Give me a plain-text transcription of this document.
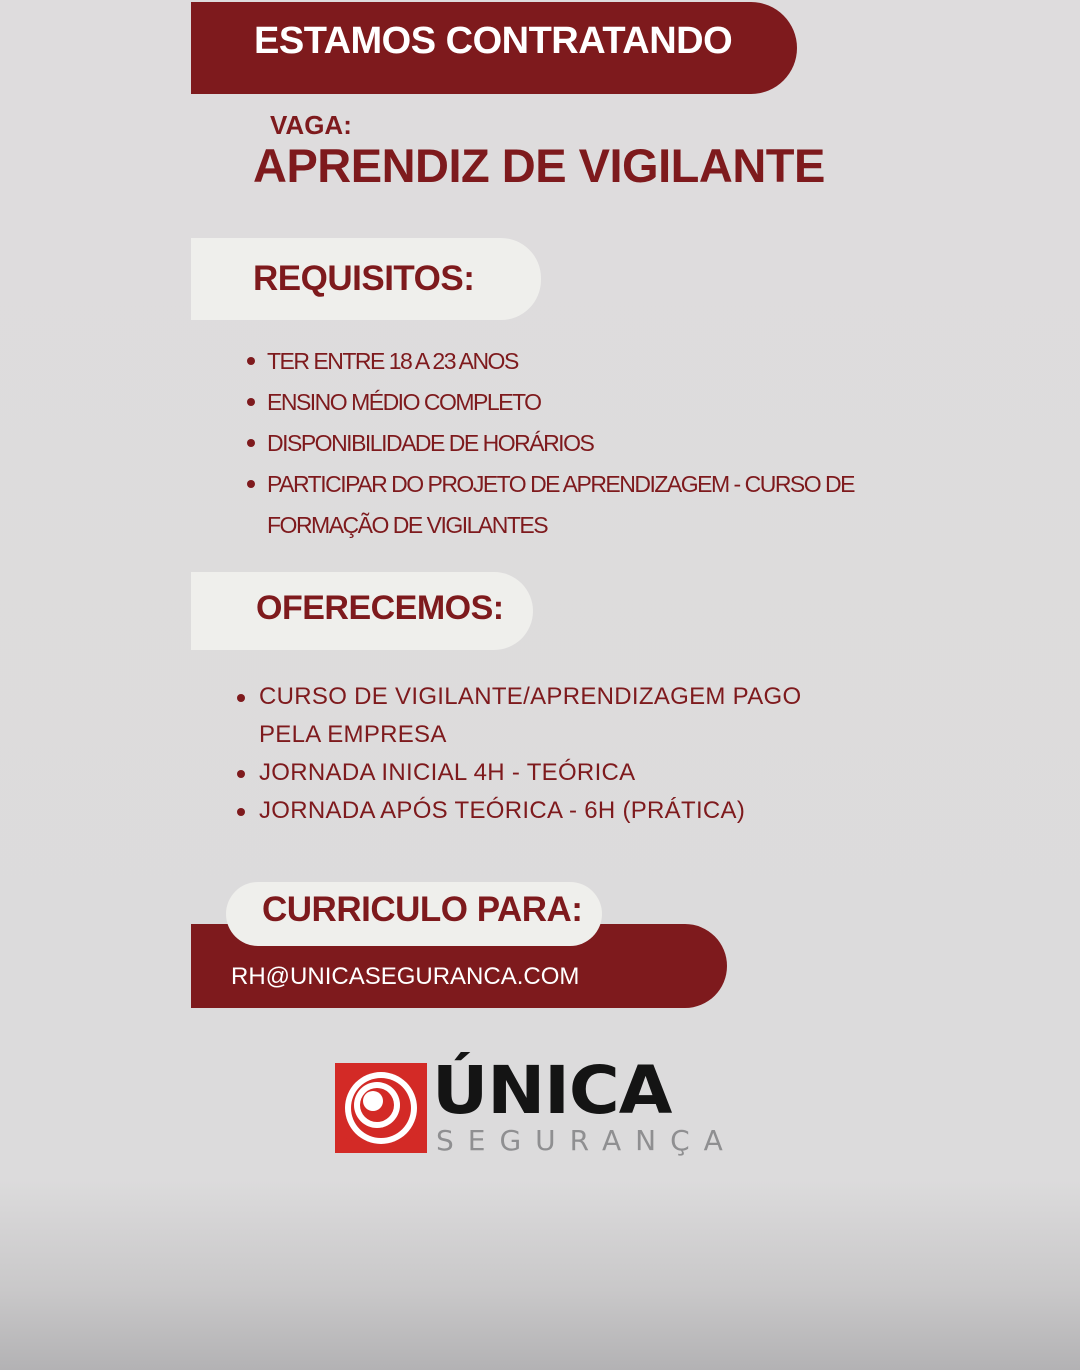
ESTAMOS CONTRATANDO
VAGA:
APRENDIZ DE VIGILANTE
REQUISITOS:
TER ENTRE 18 A 23 ANOS
ENSINO MÉDIO COMPLETO
DISPONIBILIDADE DE HORÁRIOS
PARTICIPAR DO PROJETO DE APRENDIZAGEM - CURSO DE FORMAÇÃO DE VIGILANTES
OFERECEMOS:
CURSO DE VIGILANTE/APRENDIZAGEM PAGO PELA EMPRESA
JORNADA INICIAL 4H - TEÓRICA
JORNADA APÓS TEÓRICA - 6H (PRÁTICA)
RH@UNICASEGURANCA.COM
CURRICULO PARA:
ÚNICA
SEGURANÇA
